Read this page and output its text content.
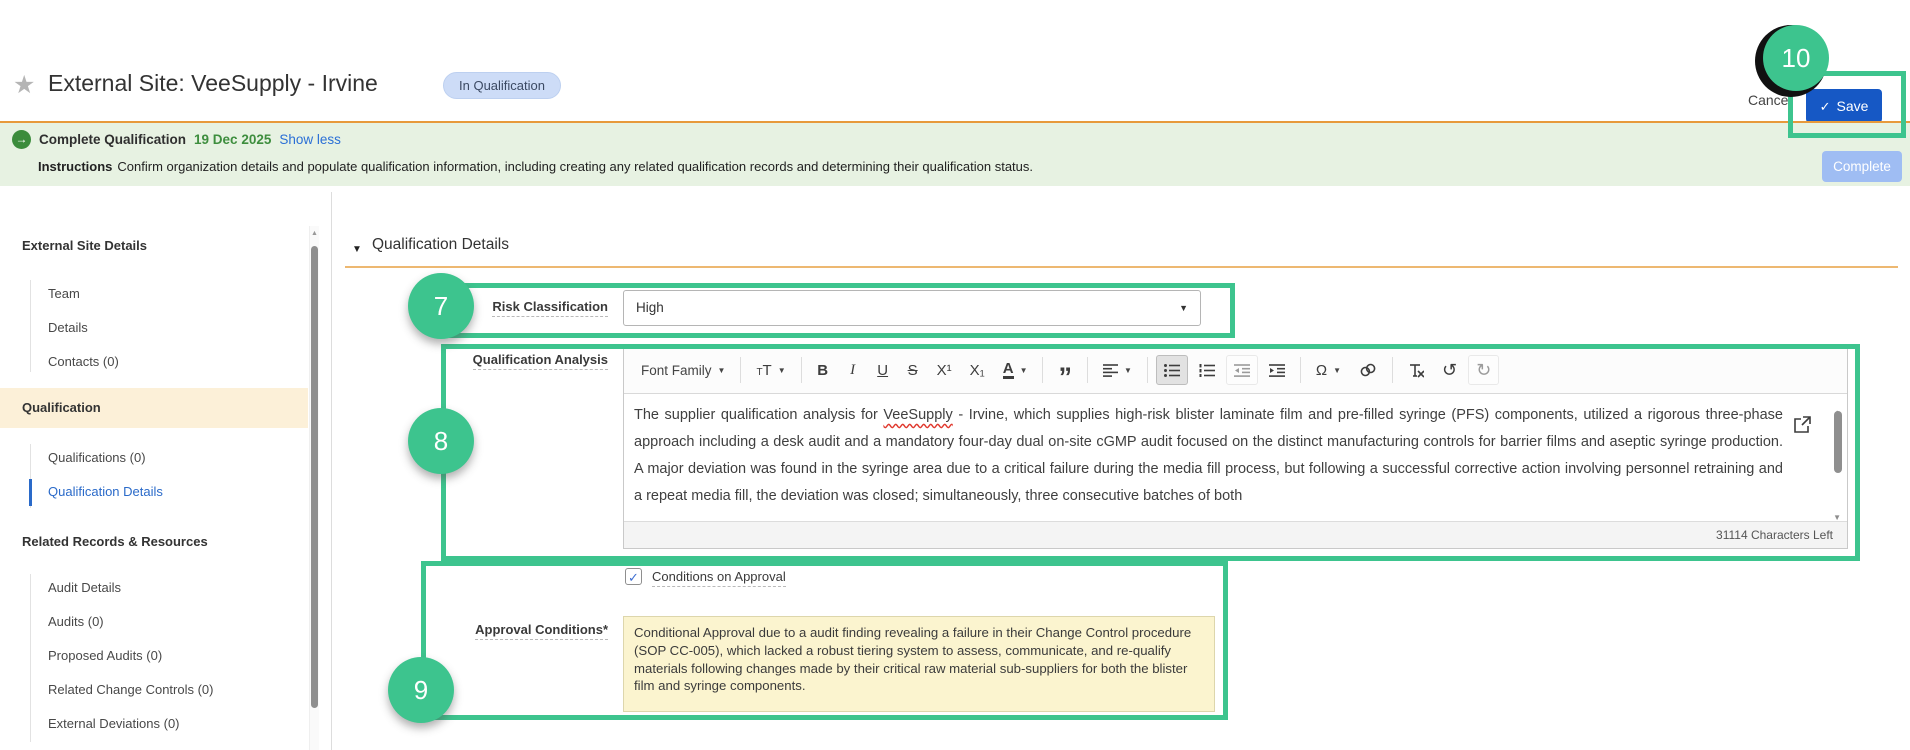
★ External Site: VeeSupply - Irvine	In Qualification
Cancel	✓ Save
→ Complete Qualification 19 Dec 2025 Show less
Instructions Confirm organization details and populate qualification information, including creating any related qualification records and determining their qualification status.	Complete
External Site Details
Team
Details
Contacts (0)
Qualification
Qualifications (0)
Qualification Details
Related Records & Resources
Audit Details
Audits (0)
Proposed Audits (0)
Related Change Controls (0)
External Deviations (0)
▲
▼ Qualification Details
Risk Classification High	▼
Qualification Analysis
Font Family ▼ TT ▼	B	I	U	S	X¹	X₁	A ▼ ”	▼	Ω ▼	↺	↻
The supplier qualification analysis for VeeSupply - Irvine, which supplies high-risk blister laminate film and pre-filled syringe (PFS) components, utilized a rigorous three-phase approach including a desk audit and a mandatory four-day dual on-site cGMP audit focused on the distinct manufacturing controls for barrier films and aseptic syringe production. A major deviation was found in the syringe area due to a critical failure during the media fill process, but following a successful corrective action involving personnel retraining and a repeat media fill, the deviation was closed; simultaneously, three consecutive batches of both
▼
31114 Characters Left
✓ Conditions on Approval
Approval Conditions*	Conditional Approval due to a audit finding revealing a failure in their Change Control procedure (SOP CC-005), which lacked a robust tiering system to assess, communicate, and re-qualify materials following changes made by their critical raw material sub-suppliers for both the blister film and syringe components.
7
8
9
10
